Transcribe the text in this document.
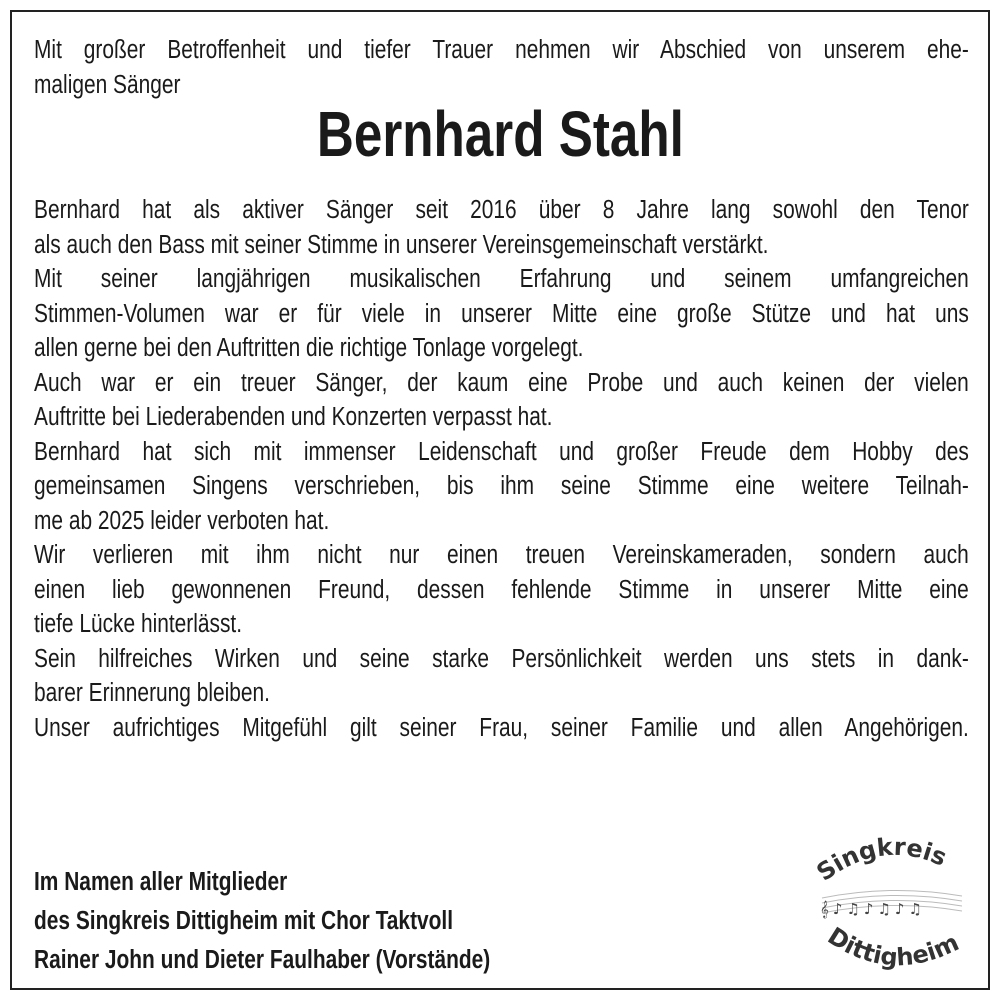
Mit großer Betroffenheit und tiefer Trauer nehmen wir Abschied von unserem ehe-
maligen Sänger
Bernhard Stahl
Bernhard hat als aktiver Sänger seit 2016 über 8 Jahre lang sowohl den Tenor
als auch den Bass mit seiner Stimme in unserer Vereinsgemeinschaft verstärkt.
Mit seiner langjährigen musikalischen Erfahrung und seinem umfangreichen
Stimmen-Volumen war er für viele in unserer Mitte eine große Stütze und hat uns
allen gerne bei den Auftritten die richtige Tonlage vorgelegt.
Auch war er ein treuer Sänger, der kaum eine Probe und auch keinen der vielen
Auftritte bei Liederabenden und Konzerten verpasst hat.
Bernhard hat sich mit immenser Leidenschaft und großer Freude dem Hobby des
gemeinsamen Singens verschrieben, bis ihm seine Stimme eine weitere Teilnah-
me ab 2025 leider verboten hat.
Wir verlieren mit ihm nicht nur einen treuen Vereinskameraden, sondern auch
einen lieb gewonnenen Freund, dessen fehlende Stimme in unserer Mitte eine
tiefe Lücke hinterlässt.
Sein hilfreiches Wirken und seine starke Persönlichkeit werden uns stets in dank-
barer Erinnerung bleiben.
Unser aufrichtiges Mitgefühl gilt seiner Frau, seiner Familie und allen Angehörigen.
Im Namen aller Mitglieder
des Singkreis Dittigheim mit Chor Taktvoll
Rainer John und Dieter Faulhaber (Vorstände)
𝄞♪♫♪♫♪♫
Singkreis
Dittigheim
